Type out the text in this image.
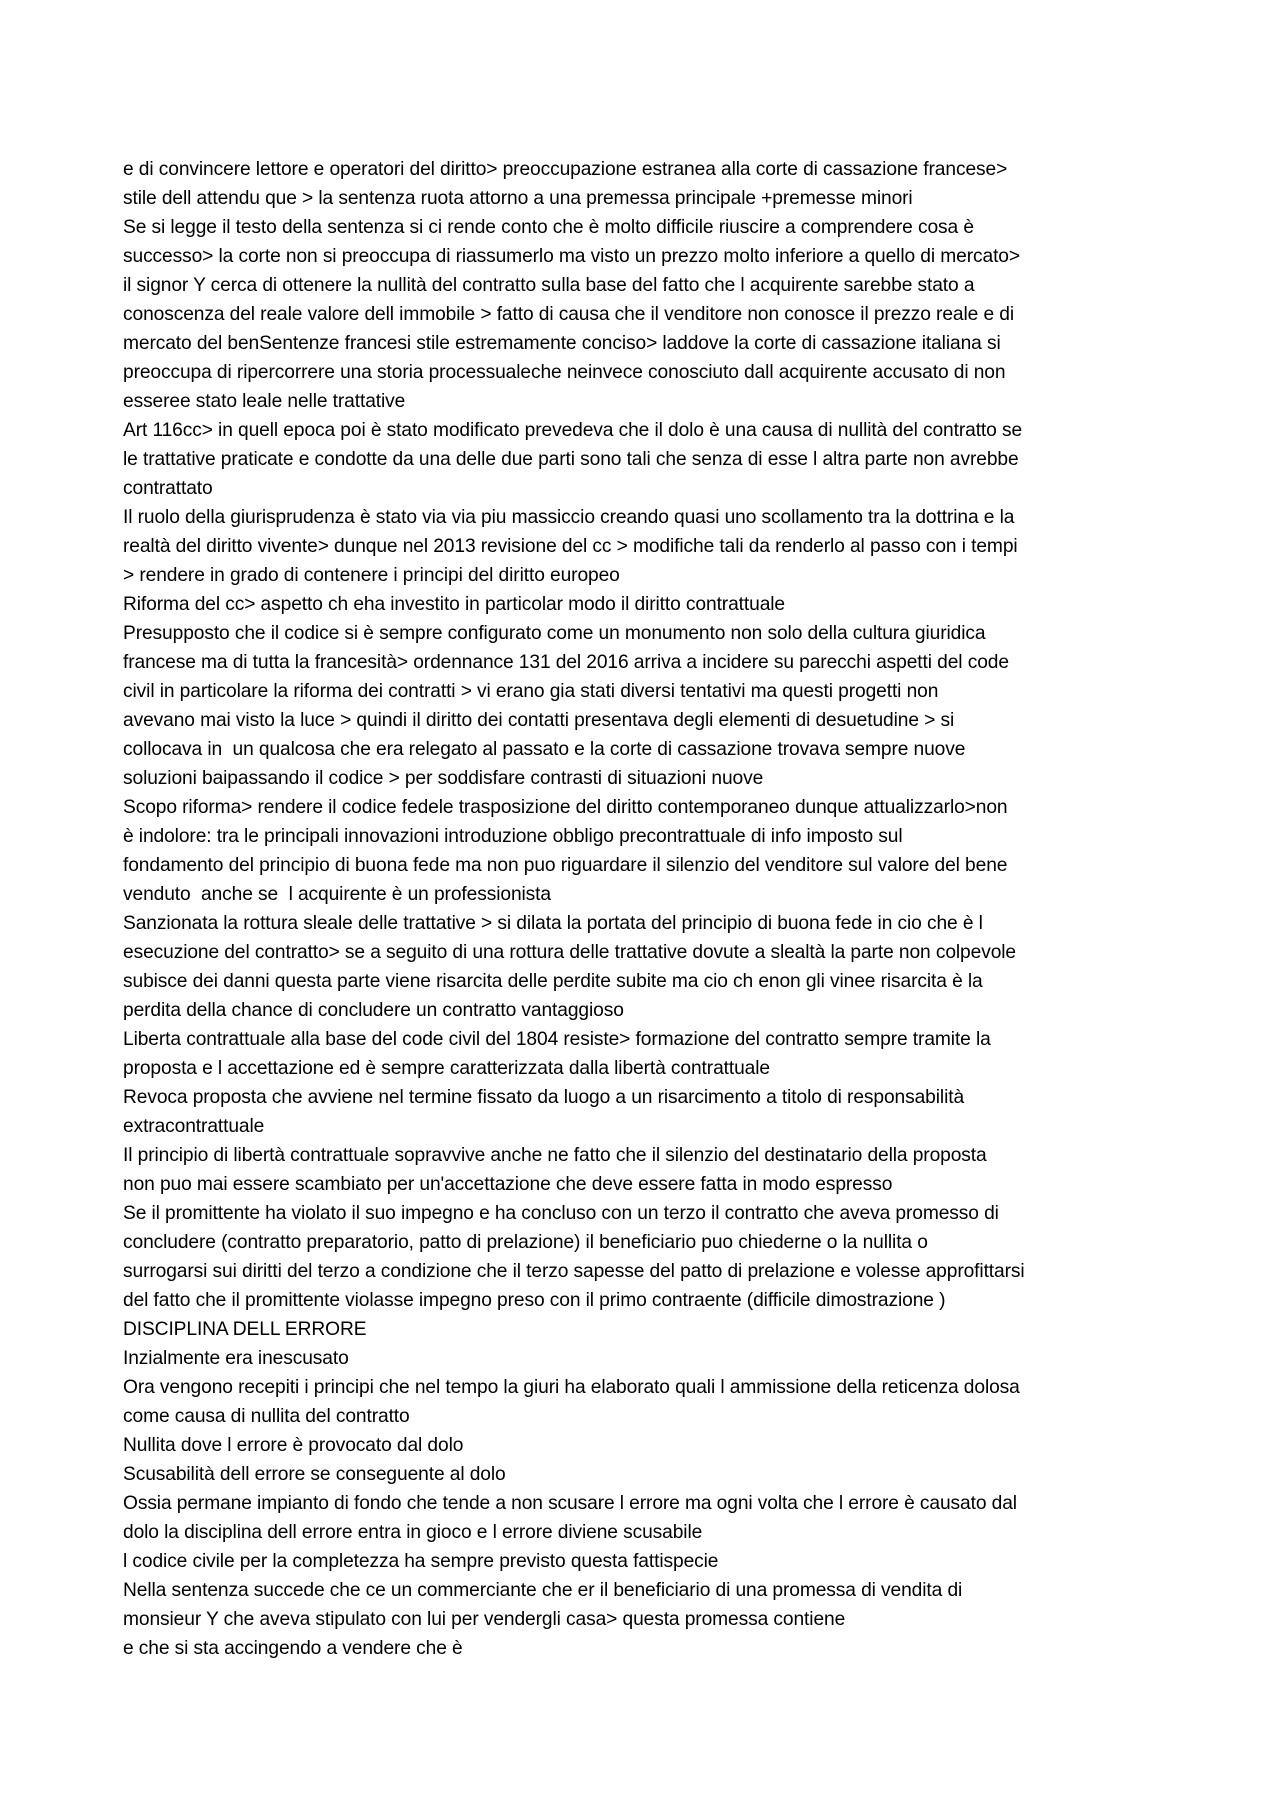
e di convincere lettore e operatori del diritto> preoccupazione estranea alla corte di cassazione francese>
stile dell attendu que > la sentenza ruota attorno a una premessa principale +premesse minori
Se si legge il testo della sentenza si ci rende conto che è molto difficile riuscire a comprendere cosa è
successo> la corte non si preoccupa di riassumerlo ma visto un prezzo molto inferiore a quello di mercato>
il signor Y cerca di ottenere la nullità del contratto sulla base del fatto che l acquirente sarebbe stato a
conoscenza del reale valore dell immobile > fatto di causa che il venditore non conosce il prezzo reale e di
mercato del benSentenze francesi stile estremamente conciso> laddove la corte di cassazione italiana si
preoccupa di ripercorrere una storia processualeche neinvece conosciuto dall acquirente accusato di non
esseree stato leale nelle trattative
Art 116cc> in quell epoca poi è stato modificato prevedeva che il dolo è una causa di nullità del contratto se
le trattative praticate e condotte da una delle due parti sono tali che senza di esse l altra parte non avrebbe
contrattato
Il ruolo della giurisprudenza è stato via via piu massiccio creando quasi uno scollamento tra la dottrina e la
realtà del diritto vivente> dunque nel 2013 revisione del cc > modifiche tali da renderlo al passo con i tempi
> rendere in grado di contenere i principi del diritto europeo
Riforma del cc> aspetto ch eha investito in particolar modo il diritto contrattuale
Presupposto che il codice si è sempre configurato come un monumento non solo della cultura giuridica
francese ma di tutta la francesità> ordennance 131 del 2016 arriva a incidere su parecchi aspetti del code
civil in particolare la riforma dei contratti > vi erano gia stati diversi tentativi ma questi progetti non
avevano mai visto la luce > quindi il diritto dei contatti presentava degli elementi di desuetudine > si
collocava in  un qualcosa che era relegato al passato e la corte di cassazione trovava sempre nuove
soluzioni baipassando il codice > per soddisfare contrasti di situazioni nuove
Scopo riforma> rendere il codice fedele trasposizione del diritto contemporaneo dunque attualizzarlo>non
è indolore: tra le principali innovazioni introduzione obbligo precontrattuale di info imposto sul
fondamento del principio di buona fede ma non puo riguardare il silenzio del venditore sul valore del bene
venduto  anche se  l acquirente è un professionista
Sanzionata la rottura sleale delle trattative > si dilata la portata del principio di buona fede in cio che è l
esecuzione del contratto> se a seguito di una rottura delle trattative dovute a slealtà la parte non colpevole
subisce dei danni questa parte viene risarcita delle perdite subite ma cio ch enon gli vinee risarcita è la
perdita della chance di concludere un contratto vantaggioso
Liberta contrattuale alla base del code civil del 1804 resiste> formazione del contratto sempre tramite la
proposta e l accettazione ed è sempre caratterizzata dalla libertà contrattuale
Revoca proposta che avviene nel termine fissato da luogo a un risarcimento a titolo di responsabilità
extracontrattuale
Il principio di libertà contrattuale sopravvive anche ne fatto che il silenzio del destinatario della proposta
non puo mai essere scambiato per un'accettazione che deve essere fatta in modo espresso
Se il promittente ha violato il suo impegno e ha concluso con un terzo il contratto che aveva promesso di
concludere (contratto preparatorio, patto di prelazione) il beneficiario puo chiederne o la nullita o
surrogarsi sui diritti del terzo a condizione che il terzo sapesse del patto di prelazione e volesse approfittarsi
del fatto che il promittente violasse impegno preso con il primo contraente (difficile dimostrazione )
DISCIPLINA DELL ERRORE
Inzialmente era inescusato
Ora vengono recepiti i principi che nel tempo la giuri ha elaborato quali l ammissione della reticenza dolosa
come causa di nullita del contratto
Nullita dove l errore è provocato dal dolo
Scusabilità dell errore se conseguente al dolo
Ossia permane impianto di fondo che tende a non scusare l errore ma ogni volta che l errore è causato dal
dolo la disciplina dell errore entra in gioco e l errore diviene scusabile
l codice civile per la completezza ha sempre previsto questa fattispecie
Nella sentenza succede che ce un commerciante che er il beneficiario di una promessa di vendita di
monsieur Y che aveva stipulato con lui per vendergli casa> questa promessa contiene
e che si sta accingendo a vendere che è
